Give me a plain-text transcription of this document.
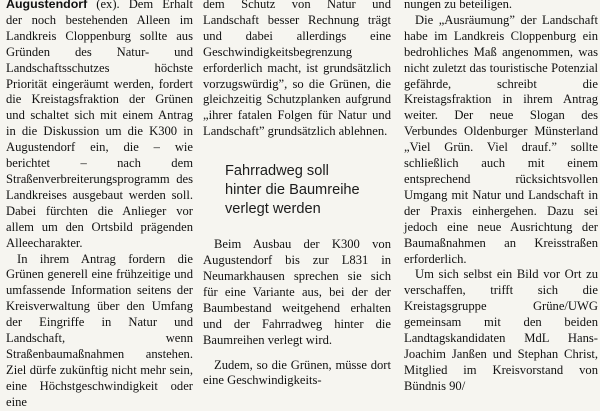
Augustendorf (ex). Dem Erhalt der noch bestehenden Alleen im Landkreis Cloppenburg sollte aus Gründen des Natur- und Landschaftsschutzes höchste Priorität eingeräumt werden, fordert die Kreistagsfraktion der Grünen und schaltet sich mit einem Antrag in die Diskussion um die K300 in Augustendorf ein, die – wie berichtet – nach dem Straßenverbreiterungsprogramm des Landkreises ausgebaut werden soll. Dabei fürchten die Anlieger vor allem um den Ortsbild prägenden Alleecharakter.

In ihrem Antrag fordern die Grünen generell eine frühzeitige und umfassende Information seitens der Kreisverwaltung über den Umfang der Eingriffe in Natur und Landschaft, wenn Straßenbaumaßnahmen anstehen. Ziel dürfe zukünftig nicht mehr sein, eine Höchstgeschwindigkeit oder eine

dem Schutz von Natur und Landschaft besser Rechnung trägt und dabei allerdings eine Geschwindigkeitsbegrenzung erforderlich macht, ist grundsätzlich vorzugswürdig”, so die Grünen, die gleichzeitig Schutzplanken aufgrund „ihrer fatalen Folgen für Natur und Landschaft” grundsätzlich ablehnen.

Fahrradweg soll
hinter die Baumreihe
verlegt werden

Beim Ausbau der K300 von Augustendorf bis zur L831 in Neumarkhausen sprechen sie sich für eine Variante aus, bei der der Baumbestand weitgehend erhalten und der Fahrradweg hinter die Baumreihen verlegt wird.

Zudem, so die Grünen, müsse dort eine Geschwindigkeits-

nungen zu beteiligen.

Die „Ausräumung” der Landschaft habe im Landkreis Cloppenburg ein bedrohliches Maß angenommen, was nicht zuletzt das touristische Potenzial gefährde, schreibt die Kreistagsfraktion in ihrem Antrag weiter. Der neue Slogan des Verbundes Oldenburger Münsterland „Viel Grün. Viel drauf.” sollte schließlich auch mit einem entsprechend rücksichtsvollen Umgang mit Natur und Landschaft in der Praxis einhergehen. Dazu sei jedoch eine neue Ausrichtung der Baumaßnahmen an Kreisstraßen erforderlich.

Um sich selbst ein Bild vor Ort zu verschaffen, trifft sich die Kreistagsgruppe Grüne/UWG gemeinsam mit den beiden Landtagskandidaten MdL Hans-Joachim Janßen und Stephan Christ, Mitglied im Kreisvorstand von Bündnis 90/
